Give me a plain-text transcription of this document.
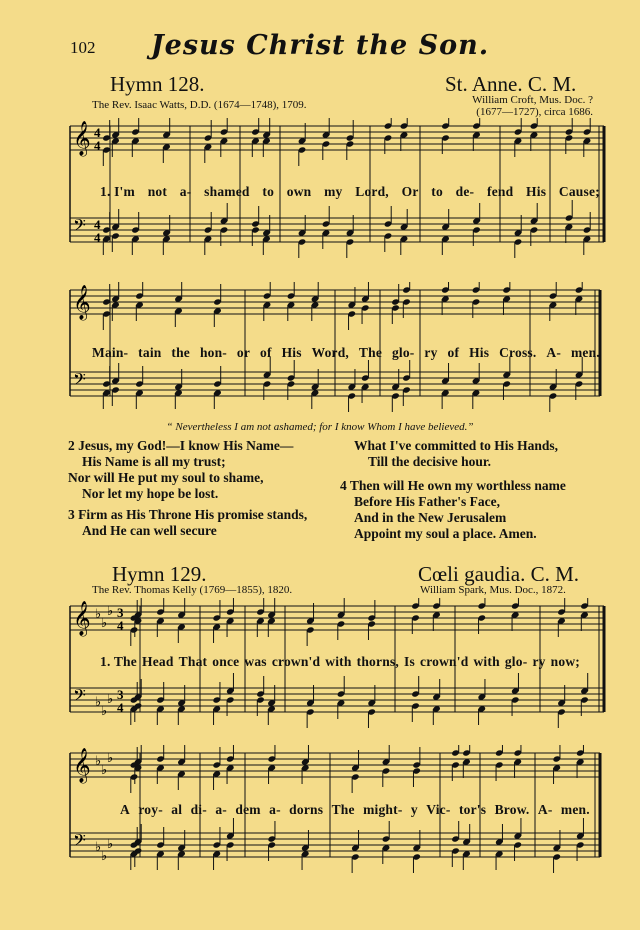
102	Jesus Christ the Son.
Hymn 128.	St. Anne. C. M.
The Rev. Isaac Watts, D.D. (1674—1748), 1709.	William Croft, Mus. Doc. ?
(1677—1727), circa 1686.
𝄞 4
4
𝄢 4
4
1. I'm not a- shamed to own my Lord, Or to de- fend His Cause;
𝄞
𝄢
Main- tain the hon- or of His Word, The glo- ry of His Cross. A- men.
“ Nevertheless I am not ashamed; for I know Whom I have believed.”
2 Jesus, my God!—I know His Name—
His Name is all my trust;
Nor will He put my soul to shame,
Nor let my hope be lost.
3 Firm as His Throne His promise stands,
And He can well secure
What I've committed to His Hands,
Till the decisive hour.
4 Then will He own my worthless name
Before His Father's Face,
And in the New Jerusalem
Appoint my soul a place. Amen.
Hymn 129.	Cœli gaudia. C. M.
The Rev. Thomas Kelly (1769—1855), 1820.	William Spark, Mus. Doc., 1872.
𝄞 ♭
♭
♭ 3
4
𝄢 ♭
♭
♭ 3
4
1. The Head That once was crown'd with thorns, Is crown'd with glo- ry now;
𝄞 ♭
♭
♭
𝄢 ♭
♭
♭
A roy- al di- a- dem a- dorns The might- y Vic- tor's Brow. A- men.
